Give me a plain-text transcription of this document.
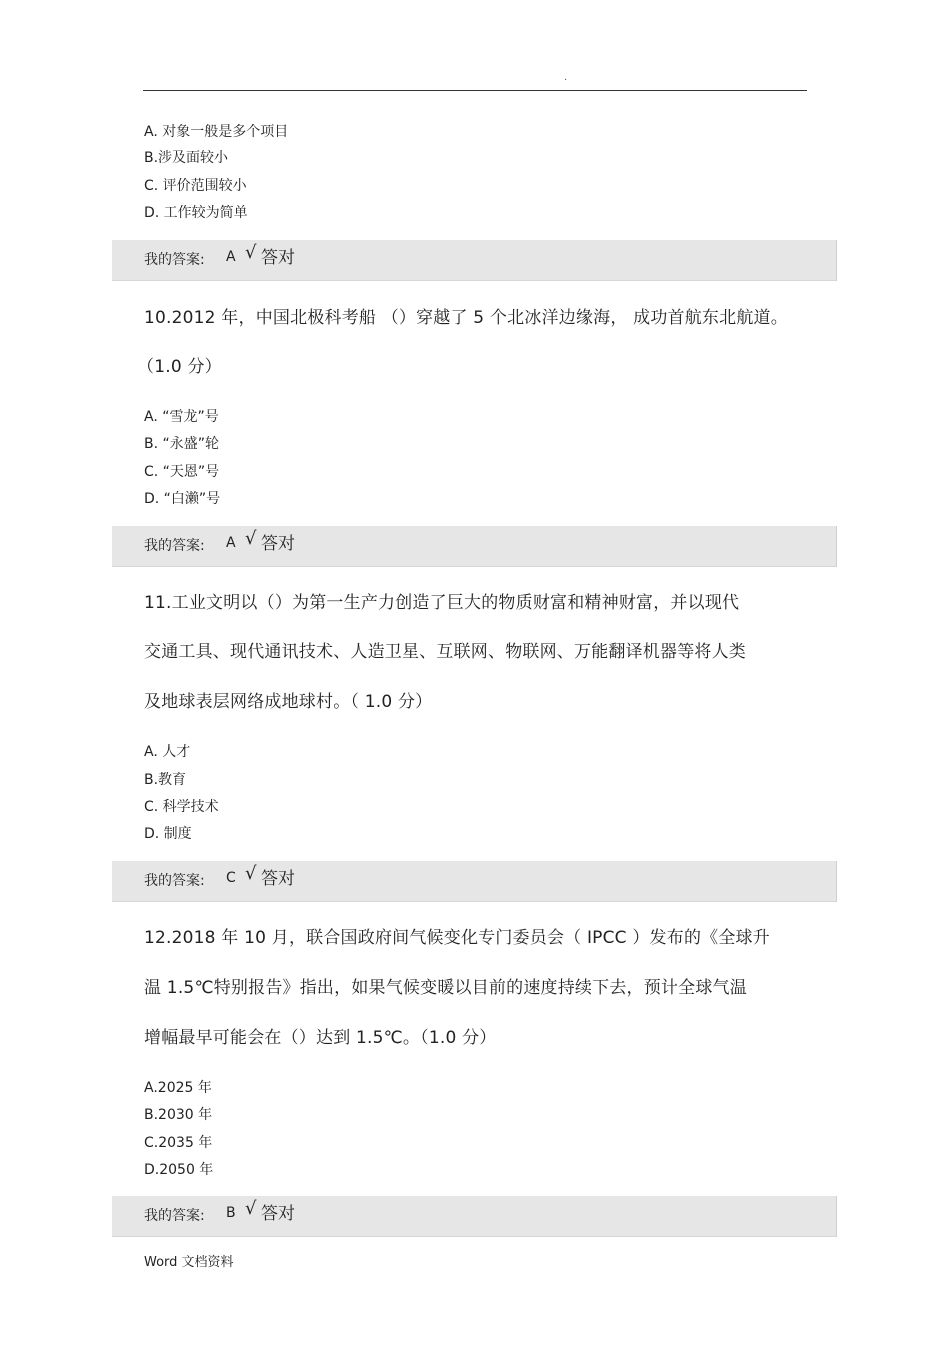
.
A. 对象一般是多个项目
B.涉及面较小
C. 评价范围较小
D. 工作较为简单
我的答案: A √ 答对
10.2012 年，中国北极科考船 （）穿越了 5 个北冰洋边缘海， 成功首航东北航道。
（1.0 分）
A. “雪龙”号
B. “永盛”轮
C. “天恩”号
D. “白濑”号
我的答案: A √ 答对
11.工业文明以（）为第一生产力创造了巨大的物质财富和精神财富，并以现代
交通工具、现代通讯技术、人造卫星、互联网、物联网、万能翻译机器等将人类
及地球表层网络成地球村。（ 1.0 分）
A. 人才
B.教育
C. 科学技术
D. 制度
我的答案: C √ 答对
12.2018 年 10 月，联合国政府间气候变化专门委员会（ IPCC ）发布的《全球升
温 1.5℃特别报告》指出，如果气候变暖以目前的速度持续下去，预计全球气温
增幅最早可能会在（）达到 1.5℃。（1.0 分）
A.2025 年
B.2030 年
C.2035 年
D.2050 年
我的答案: B √ 答对
Word 文档资料
